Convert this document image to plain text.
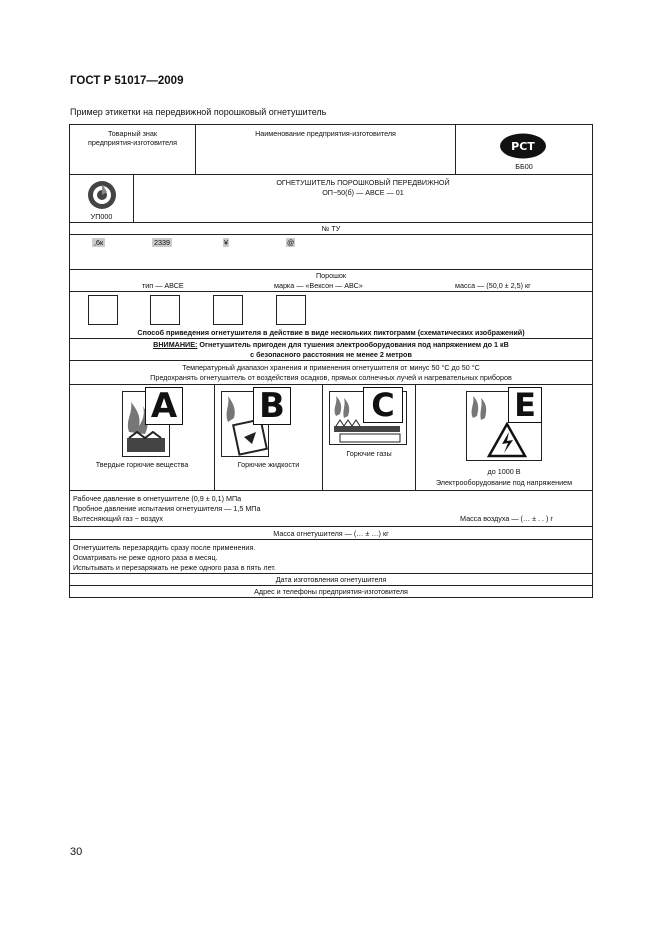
ГОСТ Р 51017—2009
Пример этикетки на передвижной порошковый огнетушитель
Товарный знак
предприятия-изготовителя
Наименование предприятия-изготовителя
РСТ
ББ00
УП000
ОГНЕТУШИТЕЛЬ ПОРОШКОВЫЙ ПЕРЕДВИЖНОЙ
ОП−50(б) — АВСЕ — 01
№ ТУ
,6к	2339	¥	@
Порошок
тип — АВСЕ	марка — «Вексон — АВС»	масса — (50,0 ± 2,5) кг
Способ приведения огнетушителя в действие в виде нескольких пиктограмм (схематических изображений)
ВНИМАНИЕ: Огнетушитель пригоден для тушения электрооборудования под напряжением до 1 кВ
с безопасного расстояния не менее 2 метров
Температурный диапазон хранения и применения огнетушителя от минус 50 °С до 50 °С
Предохранять огнетушитель от воздействия осадков, прямых солнечных лучей и нагревательных приборов
A
Твердые горючие вещества
B
Горючие жидкости
C
Горючие газы
E
до 1000 В
Электрооборудование под напряжением
Рабочее давление в огнетушителе (0,9 ± 0,1) МПа
Пробное давление испытания огнетушителя — 1,5 МПа
Вытесняющий газ − воздух	Масса воздуха — (… ± . . ) г
Масса огнетушителя — (… ± …) кг
Огнетушитель перезарядить сразу после применения.
Осматривать не реже одного раза в месяц.
Испытывать и перезаряжать не реже одного раза в пять лет.
Дата изготовления огнетушителя
Адрес и телефоны предприятия-изготовителя
30
